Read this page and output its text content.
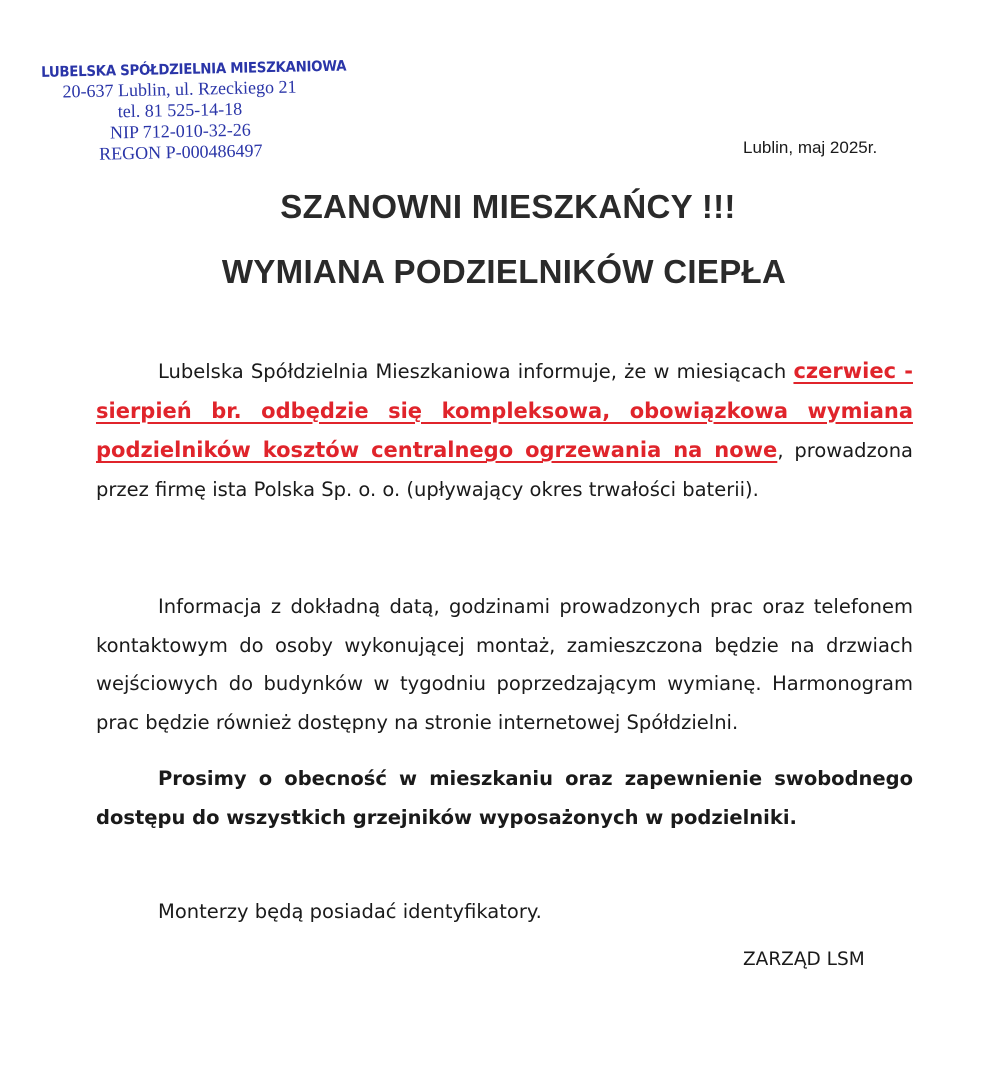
LUBELSKA SPÓŁDZIELNIA MIESZKANIOWA
20-637 Lublin, ul. Rzeckiego 21
tel. 81 525-14-18
NIP 712-010-32-26
REGON P-000486497	Lublin, maj 2025r.
SZANOWNI MIESZKAŃCY !!!
WYMIANA PODZIELNIKÓW CIEPŁA
Lubelska Spółdzielnia Mieszkaniowa informuje, że w miesiącach czerwiec - sierpień br. odbędzie się kompleksowa, obowiązkowa wymiana podzielników kosztów centralnego ogrzewania na nowe, prowadzona przez firmę ista Polska Sp. o. o. (upływający okres trwałości baterii).
Informacja z dokładną datą, godzinami prowadzonych prac oraz telefonem kontaktowym do osoby wykonującej montaż, zamieszczona będzie na drzwiach wejściowych do budynków w tygodniu poprzedzającym wymianę. Harmonogram prac będzie również dostępny na stronie internetowej Spółdzielni.
Prosimy o obecność w mieszkaniu oraz zapewnienie swobodnego dostępu do wszystkich grzejników wyposażonych w podzielniki.
Monterzy będą posiadać identyfikatory.
ZARZĄD LSM
